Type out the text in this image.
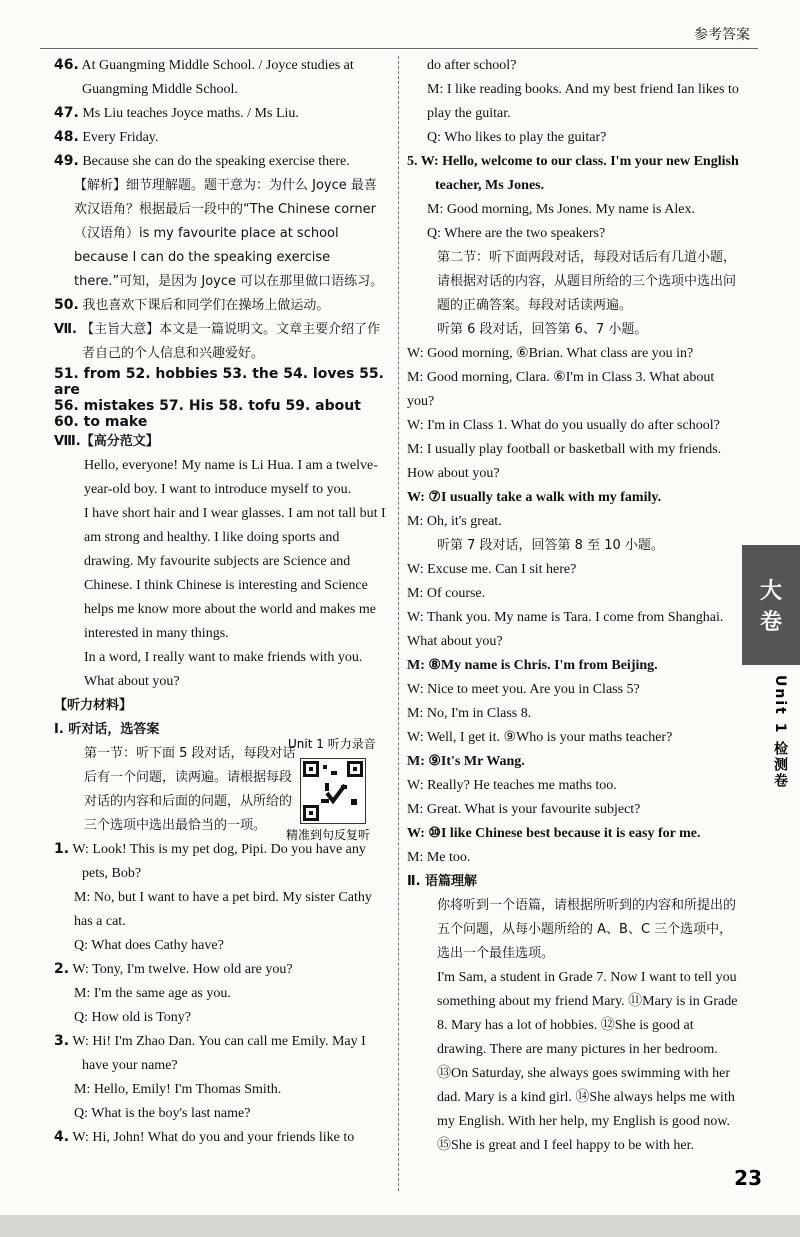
参考答案
46. At Guangming Middle School. / Joyce studies at Guangming Middle School.
47. Ms Liu teaches Joyce maths. / Ms Liu.
48. Every Friday.
49. Because she can do the speaking exercise there.
【解析】细节理解题。题干意为：为什么 Joyce 最喜欢汉语角？根据最后一段中的“The Chinese corner（汉语角）is my favourite place at school because I can do the speaking exercise there.”可知，是因为 Joyce 可以在那里做口语练习。
50. 我也喜欢下课后和同学们在操场上做运动。
Ⅶ. 【主旨大意】本文是一篇说明文。文章主要介绍了作者自己的个人信息和兴趣爱好。
51. from 52. hobbies 53. the 54. loves 55. are
56. mistakes 57. His 58. tofu 59. about
60. to make
Ⅷ.【高分范文】
Hello, everyone! My name is Li Hua. I am a twelve-year-old boy. I want to introduce myself to you.
I have short hair and I wear glasses. I am not tall but I am strong and healthy. I like doing sports and drawing. My favourite subjects are Science and Chinese. I think Chinese is interesting and Science helps me know more about the world and makes me interested in many things.
In a word, I really want to make friends with you. What about you?
【听力材料】
Ⅰ. 听对话，选答案
第一节：听下面 5 段对话，每段对话后有一个问题，读两遍。请根据每段对话的内容和后面的问题，从所给的三个选项中选出最恰当的一项。
1. W: Look! This is my pet dog, Pipi. Do you have any pets, Bob?
M: No, but I want to have a pet bird. My sister Cathy has a cat.
Q: What does Cathy have?
2. W: Tony, I'm twelve. How old are you?
M: I'm the same age as you.
Q: How old is Tony?
3. W: Hi! I'm Zhao Dan. You can call me Emily. May I have your name?
M: Hello, Emily! I'm Thomas Smith.
Q: What is the boy's last name?
4. W: Hi, John! What do you and your friends like to
Unit 1 听力录音
精准到句反复听
do after school?
M: I like reading books. And my best friend Ian likes to play the guitar.
Q: Who likes to play the guitar?
5. W: Hello, welcome to our class. I'm your new English teacher, Ms Jones.
M: Good morning, Ms Jones. My name is Alex.
Q: Where are the two speakers?
第二节：听下面两段对话，每段对话后有几道小题，请根据对话的内容，从题目所给的三个选项中选出问题的正确答案。每段对话读两遍。
听第 6 段对话，回答第 6、7 小题。
W: Good morning, ⑥Brian. What class are you in?
M: Good morning, Clara. ⑥I'm in Class 3. What about you?
W: I'm in Class 1. What do you usually do after school?
M: I usually play football or basketball with my friends. How about you?
W: ⑦I usually take a walk with my family.
M: Oh, it's great.
听第 7 段对话，回答第 8 至 10 小题。
W: Excuse me. Can I sit here?
M: Of course.
W: Thank you. My name is Tara. I come from Shanghai. What about you?
M: ⑧My name is Chris. I'm from Beijing.
W: Nice to meet you. Are you in Class 5?
M: No, I'm in Class 8.
W: Well, I get it. ⑨Who is your maths teacher?
M: ⑨It's Mr Wang.
W: Really? He teaches me maths too.
M: Great. What is your favourite subject?
W: ⑩I like Chinese best because it is easy for me.
M: Me too.
Ⅱ. 语篇理解
你将听到一个语篇，请根据所听到的内容和所提出的五个问题，从每小题所给的 A、B、C 三个选项中，选出一个最佳选项。
I'm Sam, a student in Grade 7. Now I want to tell you something about my friend Mary. ⑪Mary is in Grade 8. Mary has a lot of hobbies. ⑫She is good at drawing. There are many pictures in her bedroom. ⑬On Saturday, she always goes swimming with her dad. Mary is a kind girl. ⑭She always helps me with my English. With her help, my English is good now. ⑮She is great and I feel happy to be with her.
大
卷
Unit 1 检测卷
23
